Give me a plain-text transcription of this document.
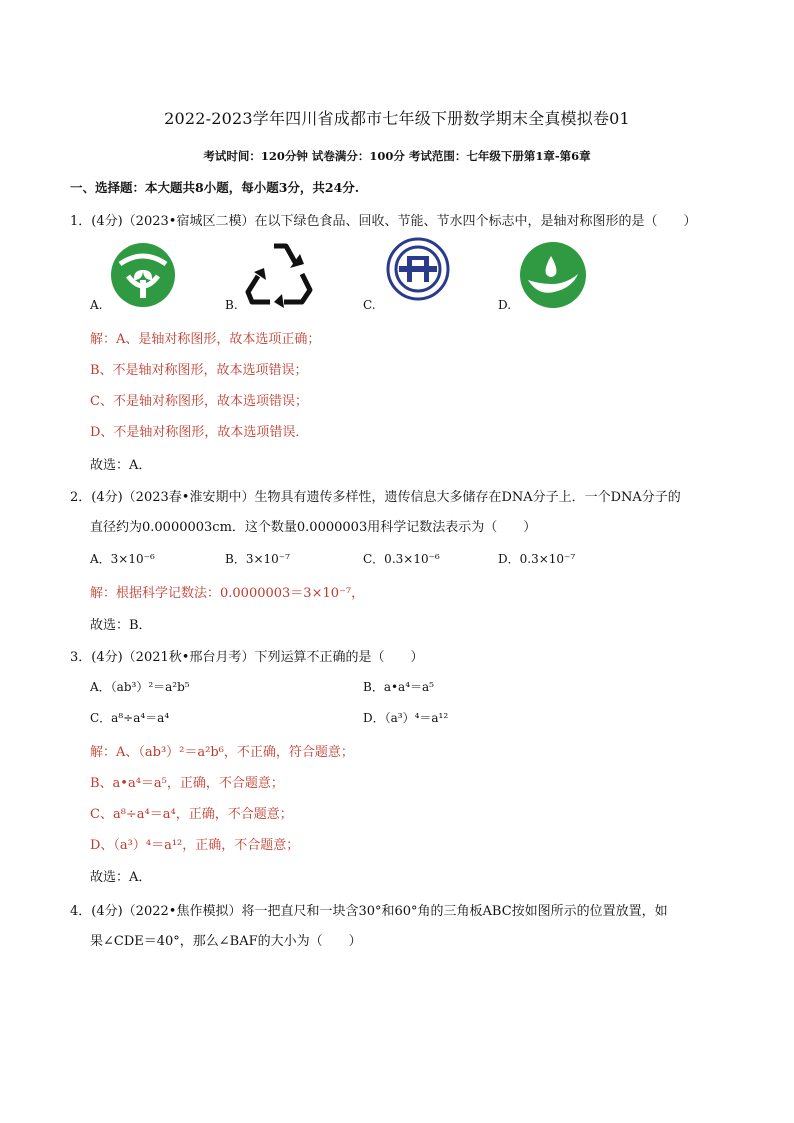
2022-2023学年四川省成都市七年级下册数学期末全真模拟卷01
考试时间：120分钟 试卷满分：100分 考试范围：七年级下册第1章-第6章
一、选择题：本大题共8小题，每小题3分，共24分.
1．(4分)（2023•宿城区二模）在以下绿色食品、回收、节能、节水四个标志中，是轴对称图形的是（　　）
A.	B.	C.	D.
解：A、是轴对称图形，故本选项正确；
B、不是轴对称图形，故本选项错误；
C、不是轴对称图形，故本选项错误；
D、不是轴对称图形，故本选项错误．
故选：A．
2．(4分)（2023春•淮安期中）生物具有遗传多样性，遗传信息大多储存在DNA分子上．一个DNA分子的
直径约为0.0000003cm．这个数量0.0000003用科学记数法表示为（　　）
A．3×10⁻⁶	B．3×10⁻⁷	C．0.3×10⁻⁶	D．0.3×10⁻⁷
解：根据科学记数法：0.0000003＝3×10⁻⁷，
故选：B．
3．(4分)（2021秋•邢台月考）下列运算不正确的是（　　）
A．（ab³）²＝a²b⁵	B．a•a⁴＝a⁵
C．a⁸÷a⁴＝a⁴	D．（a³）⁴＝a¹²
解：A、（ab³）²＝a²b⁶，不正确，符合题意；
B、a•a⁴＝a⁵，正确，不合题意；
C、a⁸÷a⁴＝a⁴，正确，不合题意；
D、（a³）⁴＝a¹²，正确，不合题意；
故选：A．
4．(4分)（2022•焦作模拟）将一把直尺和一块含30°和60°角的三角板ABC按如图所示的位置放置，如
果∠CDE＝40°，那么∠BAF的大小为（　　）
